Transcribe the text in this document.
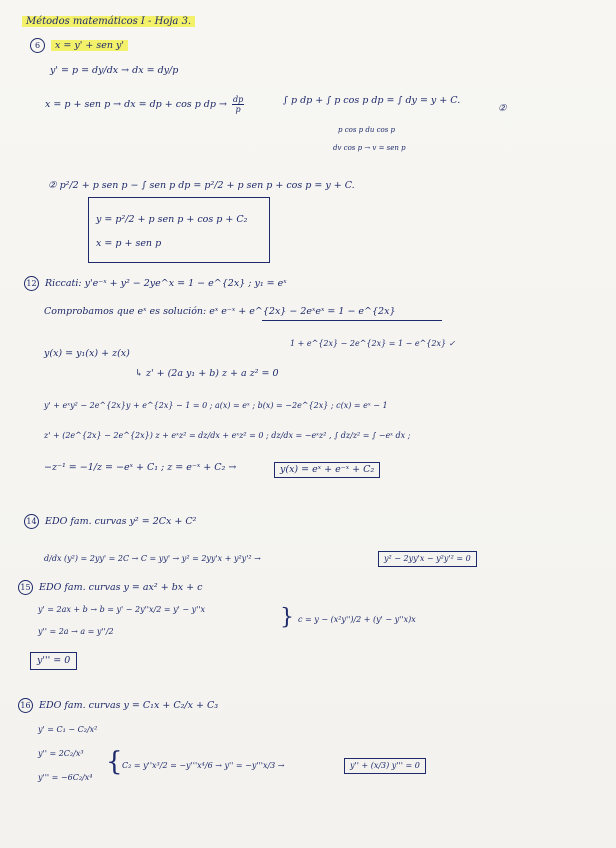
Métodos matemáticos I - Hoja 3.
6 x = y' + sen y'
y' = p = dy/dx → dx = dy/p
x = p + sen p → dx = dp + cos p dp → $\frac{dp}{p}$	∫ p dp + ∫ p cos p dp = ∫ dy = y + C.
②
p cos p du cos p
dv cos p → v = sen p
② p²/2 + p sen p − ∫ sen p dp = p²/2 + p sen p + cos p = y + C.
y = p²/2 + p sen p + cos p + C₂
x = p + sen p
12 Riccati: y'e⁻ˣ + y² − 2ye^x = 1 − e^{2x} ; y₁ = eˣ
Comprobamos que eˣ es solución: eˣ e⁻ˣ + e^{2x} − 2eˣeˣ = 1 − e^{2x}
1 + e^{2x} − 2e^{2x} = 1 − e^{2x} ✓
y(x) = y₁(x) + z(x)
↳ z' + (2a y₁ + b) z + a z² = 0
y' + eˣy² − 2e^{2x}y + e^{2x} − 1 = 0 ; a(x) = eˣ ; b(x) = −2e^{2x} ; c(x) = eˣ − 1
z' + (2e^{2x} − 2e^{2x}) z + eˣz² = dz/dx + eˣz² = 0 ; dz/dx = −eˣz² , ∫ dz/z² = ∫ −eˣ dx ;
−z⁻¹ = −1/z = −eˣ + C₁ ; z = e⁻ˣ + C₂ →	y(x) = eˣ + e⁻ˣ + C₂
14 EDO fam. curvas y² = 2Cx + C²
d/dx (y²) = 2yy' = 2C → C = yy' → y² = 2yy'x + y²y'² →	y² − 2yy'x − y²y'² = 0
15 EDO fam. curvas y = ax² + bx + c
y' = 2ax + b → b = y' − 2y''x/2 = y' − y''x
y'' = 2a → a = y''/2
} c = y − (x²y'')/2 + (y' − y''x)x
y''' = 0
16 EDO fam. curvas y = C₁x + C₂/x + C₃
y' = C₁ − C₂/x²
y'' = 2C₂/x³
y''' = −6C₂/x⁴
{ C₂ = y''x³/2 = −y'''x⁴/6 → y'' = −y'''x/3 →	y'' + (x/3) y''' = 0
